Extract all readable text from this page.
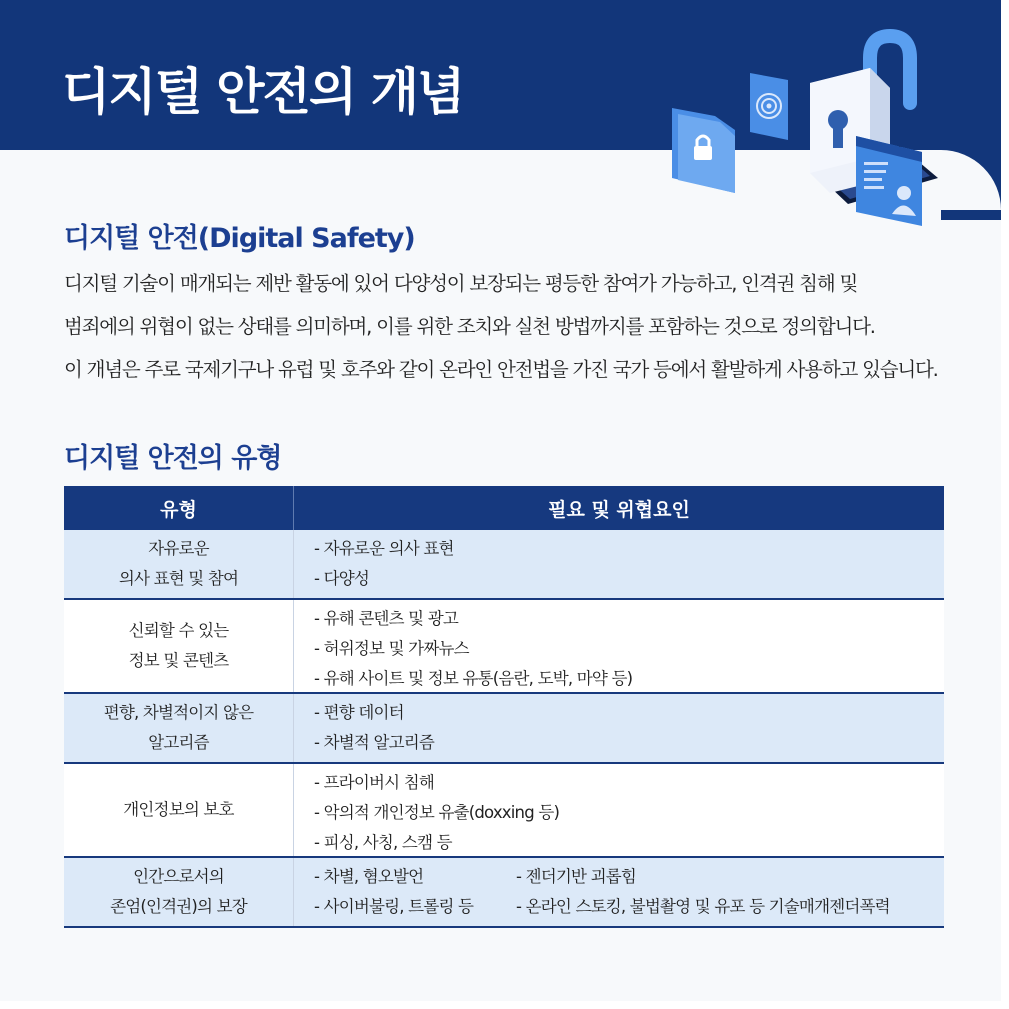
디지털 안전의 개념
디지털 안전(Digital Safety)
디지털 기술이 매개되는 제반 활동에 있어 다양성이 보장되는 평등한 참여가 가능하고, 인격권 침해 및
범죄에의 위협이 없는 상태를 의미하며, 이를 위한 조치와 실천 방법까지를 포함하는 것으로 정의합니다.
이 개념은 주로 국제기구나 유럽 및 호주와 같이 온라인 안전법을 가진 국가 등에서 활발하게 사용하고 있습니다.
디지털 안전의 유형
유형	필요 및 위협요인
자유로운
의사 표현 및 참여
- 자유로운 의사 표현
- 다양성
신뢰할 수 있는
정보 및 콘텐츠
- 유해 콘텐츠 및 광고
- 허위정보 및 가짜뉴스
- 유해 사이트 및 정보 유통(음란, 도박, 마약 등)
편향, 차별적이지 않은
알고리즘
- 편향 데이터
- 차별적 알고리즘
개인정보의 보호
- 프라이버시 침해
- 악의적 개인정보 유출(doxxing 등)
- 피싱, 사칭, 스캠 등
인간으로서의
존엄(인격권)의 보장
- 차별, 혐오발언
- 사이버불링, 트롤링 등
- 젠더기반 괴롭힘
- 온라인 스토킹, 불법촬영 및 유포 등 기술매개젠더폭력
